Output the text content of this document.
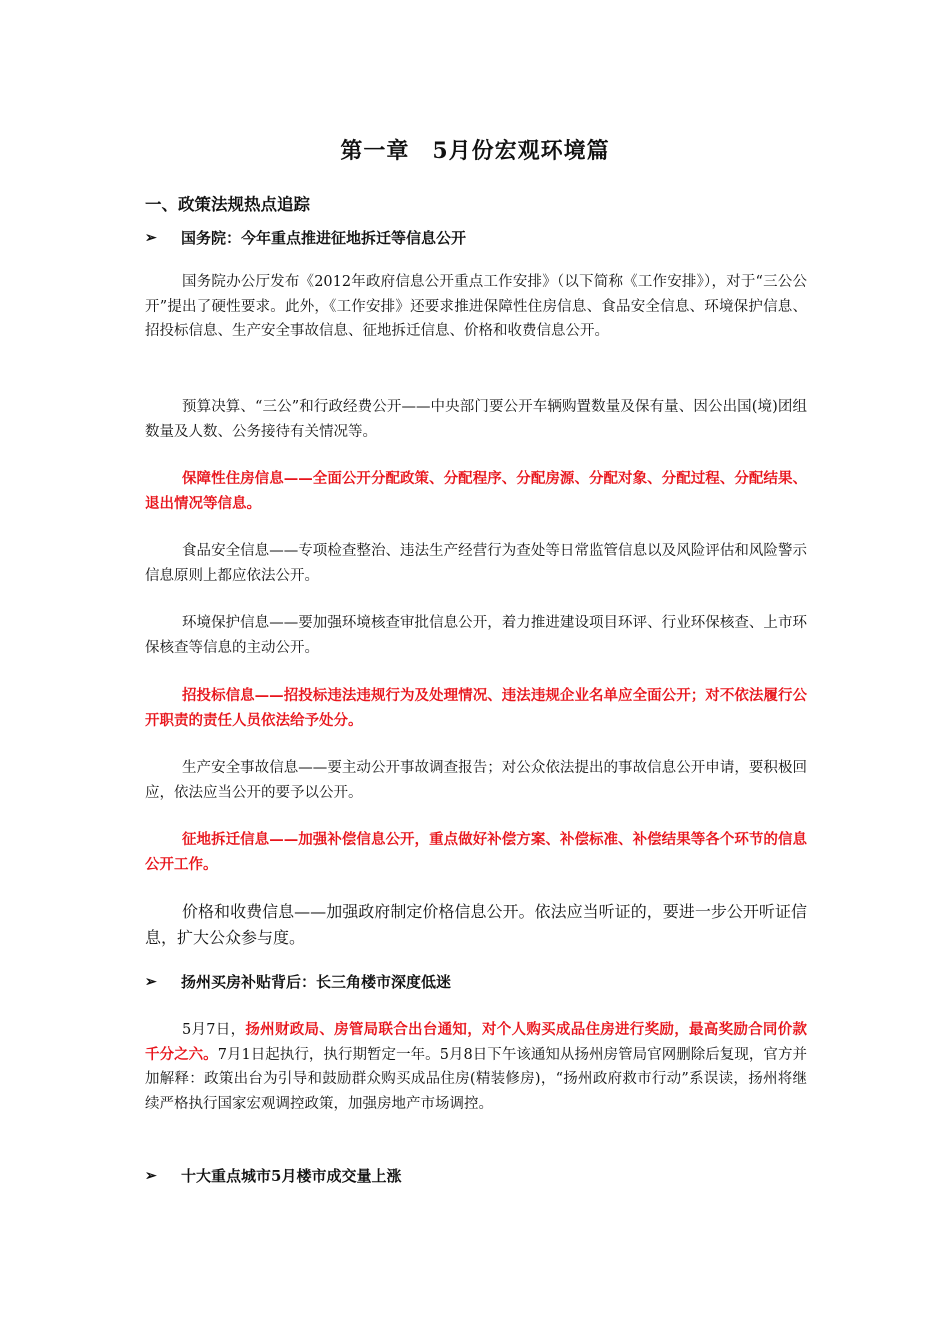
第一章　5月份宏观环境篇
一、政策法规热点追踪
➢	国务院：今年重点推进征地拆迁等信息公开
国务院办公厅发布《2012年政府信息公开重点工作安排》（以下简称《工作安排》），对于“三公公开”提出了硬性要求。此外，《工作安排》还要求推进保障性住房信息、食品安全信息、环境保护信息、招投标信息、生产安全事故信息、征地拆迁信息、价格和收费信息公开。
预算决算、“三公”和行政经费公开——中央部门要公开车辆购置数量及保有量、因公出国(境)团组数量及人数、公务接待有关情况等。
保障性住房信息——全面公开分配政策、分配程序、分配房源、分配对象、分配过程、分配结果、退出情况等信息。
食品安全信息——专项检查整治、违法生产经营行为查处等日常监管信息以及风险评估和风险警示信息原则上都应依法公开。
环境保护信息——要加强环境核查审批信息公开，着力推进建设项目环评、行业环保核查、上市环保核查等信息的主动公开。
招投标信息——招投标违法违规行为及处理情况、违法违规企业名单应全面公开；对不依法履行公开职责的责任人员依法给予处分。
生产安全事故信息——要主动公开事故调查报告；对公众依法提出的事故信息公开申请，要积极回应，依法应当公开的要予以公开。
征地拆迁信息——加强补偿信息公开，重点做好补偿方案、补偿标准、补偿结果等各个环节的信息公开工作。
价格和收费信息——加强政府制定价格信息公开。依法应当听证的，要进一步公开听证信息，扩大公众参与度。
➢	扬州买房补贴背后：长三角楼市深度低迷
5月7日，扬州财政局、房管局联合出台通知，对个人购买成品住房进行奖励，最高奖励合同价款千分之六。7月1日起执行，执行期暂定一年。5月8日下午该通知从扬州房管局官网删除后复现，官方并加解释：政策出台为引导和鼓励群众购买成品住房(精装修房)，“扬州政府救市行动”系误读，扬州将继续严格执行国家宏观调控政策，加强房地产市场调控。
➢	十大重点城市5月楼市成交量上涨
